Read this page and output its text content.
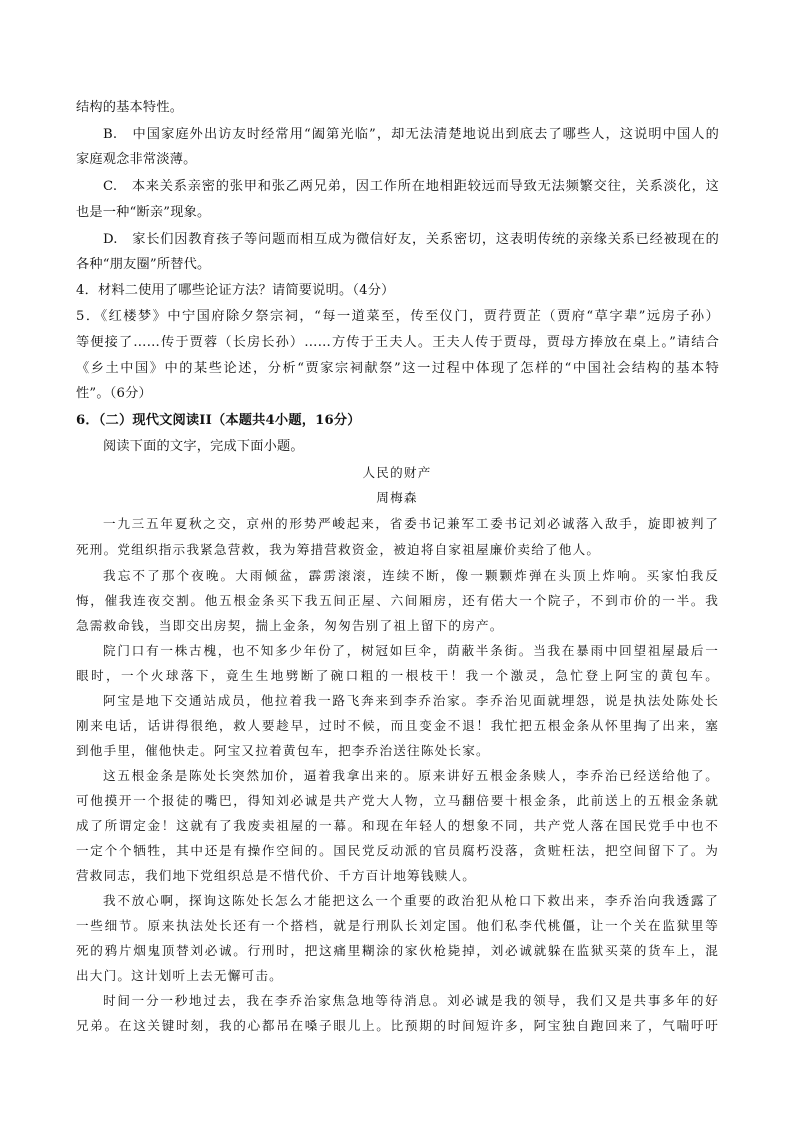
结构的基本特性。
B.　中国家庭外出访友时经常用“阖第光临”，却无法清楚地说出到底去了哪些人，这说明中国人的
家庭观念非常淡薄。
C.　本来关系亲密的张甲和张乙两兄弟，因工作所在地相距较远而导致无法频繁交往，关系淡化，这
也是一种“断亲”现象。
D.　家长们因教育孩子等问题而相互成为微信好友，关系密切，这表明传统的亲缘关系已经被现在的
各种“朋友圈”所替代。
4．材料二使用了哪些论证方法？请简要说明。（4分）
5．《红楼梦》中宁国府除夕祭宗祠，“每一道菜至，传至仪门，贾荇贾芷（贾府“草字辈”远房子孙）
等便接了……传于贾蓉（长房长孙）……方传于王夫人。王夫人传于贾母，贾母方捧放在桌上。”请结合
《乡土中国》中的某些论述，分析“贾家宗祠献祭”这一过程中体现了怎样的“中国社会结构的基本特
性”。（6分）
6．（二）现代文阅读II（本题共4小题，16分）
阅读下面的文字，完成下面小题。
人民的财产
周梅森
一九三五年夏秋之交，京州的形势严峻起来，省委书记兼军工委书记刘必诚落入敌手，旋即被判了
死刑。党组织指示我紧急营救，我为筹措营救资金，被迫将自家祖屋廉价卖给了他人。
我忘不了那个夜晚。大雨倾盆，霹雳滚滚，连续不断，像一颗颗炸弹在头顶上炸响。买家怕我反
悔，催我连夜交割。他五根金条买下我五间正屋、六间厢房，还有偌大一个院子，不到市价的一半。我
急需救命钱，当即交出房契，揣上金条，匆匆告别了祖上留下的房产。
院门口有一株古槐，也不知多少年份了，树冠如巨伞，荫蔽半条街。当我在暴雨中回望祖屋最后一
眼时，一个火球落下，竟生生地劈断了碗口粗的一根枝干！我一个激灵，急忙登上阿宝的黄包车。
阿宝是地下交通站成员，他拉着我一路飞奔来到李乔治家。李乔治见面就埋怨，说是执法处陈处长
刚来电话，话讲得很绝，救人要趁早，过时不候，而且变金不退！我忙把五根金条从怀里掏了出来，塞
到他手里，催他快走。阿宝又拉着黄包车，把李乔治送往陈处长家。
这五根金条是陈处长突然加价，逼着我拿出来的。原来讲好五根金条赎人，李乔治已经送给他了。
可他摸开一个报徒的嘴巴，得知刘必诚是共产党大人物，立马翻倍要十根金条，此前送上的五根金条就
成了所谓定金！这就有了我废卖祖屋的一幕。和现在年轻人的想象不同，共产党人落在国民党手中也不
一定个个牺牲，其中还是有操作空间的。国民党反动派的官员腐朽没落，贪赃枉法，把空间留下了。为
营救同志，我们地下党组织总是不惜代价、千方百计地筹钱赎人。
我不放心啊，探询这陈处长怎么才能把这么一个重要的政治犯从枪口下救出来，李乔治向我透露了
一些细节。原来执法处长还有一个搭档，就是行刑队长刘定国。他们私李代桃僵，让一个关在监狱里等
死的鸦片烟鬼顶替刘必诚。行刑时，把这痛里糊涂的家伙枪毙掉，刘必诚就躲在监狱买菜的货车上，混
出大门。这计划听上去无懈可击。
时间一分一秒地过去，我在李乔治家焦急地等待消息。刘必诚是我的领导，我们又是共事多年的好
兄弟。在这关键时刻，我的心都吊在嗓子眼儿上。比预期的时间短许多，阿宝独自跑回来了，气喘吁吁
